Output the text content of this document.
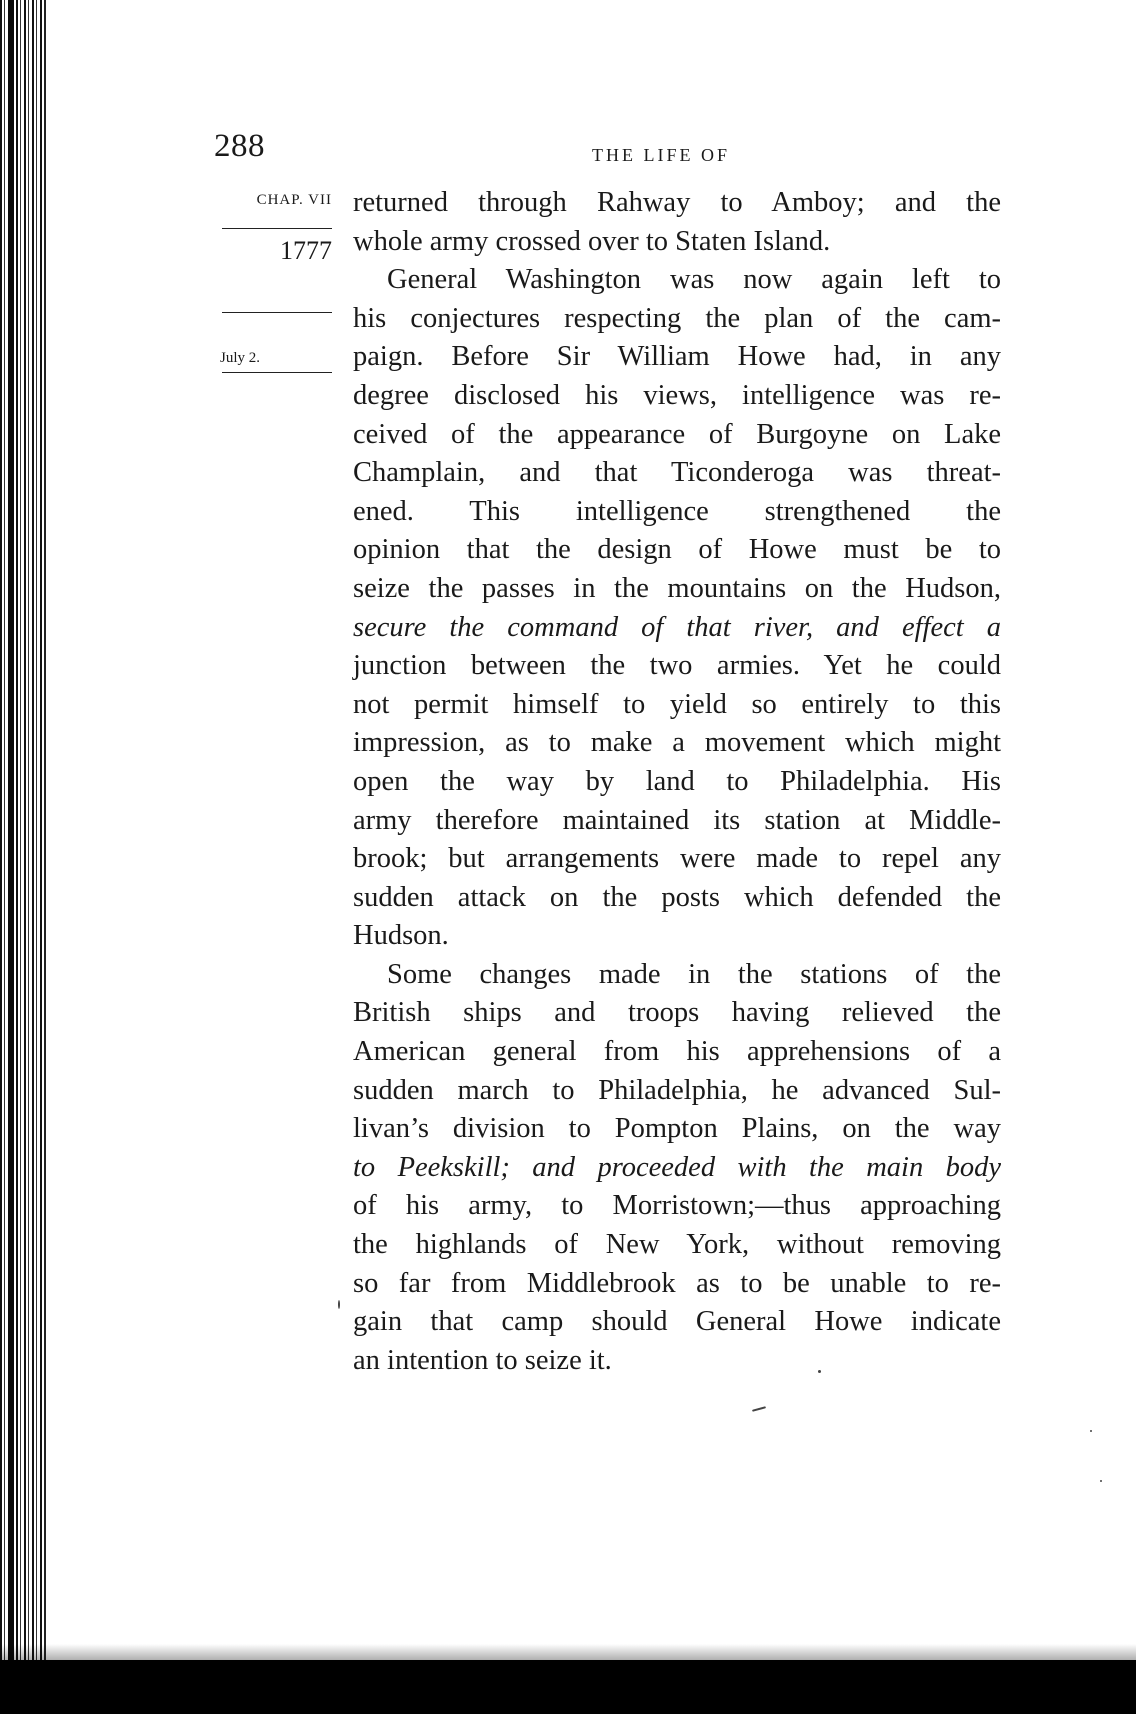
288	THE LIFE OF
CHAP. VII
1777
July 2.

returned through Rahway to Amboy; and the
whole army crossed over to Staten Island.

General Washington was now again left to
his conjectures respecting the plan of the cam-
paign. Before Sir William Howe had, in any
degree disclosed his views, intelligence was re-
ceived of the appearance of Burgoyne on Lake
Champlain, and that Ticonderoga was threat-
ened. This intelligence strengthened the
opinion that the design of Howe must be to
seize the passes in the mountains on the Hudson,
secure the command of that river, and effect a
junction between the two armies. Yet he could
not permit himself to yield so entirely to this
impression, as to make a movement which might
open the way by land to Philadelphia. His
army therefore maintained its station at Middle-
brook; but arrangements were made to repel any
sudden attack on the posts which defended the
Hudson.

Some changes made in the stations of the
British ships and troops having relieved the
American general from his apprehensions of a
sudden march to Philadelphia, he advanced Sul-
livan’s division to Pompton Plains, on the way
to Peekskill; and proceeded with the main body
of his army, to Morristown;—thus approaching
the highlands of New York, without removing
so far from Middlebrook as to be unable to re-
gain that camp should General Howe indicate
an intention to seize it.
